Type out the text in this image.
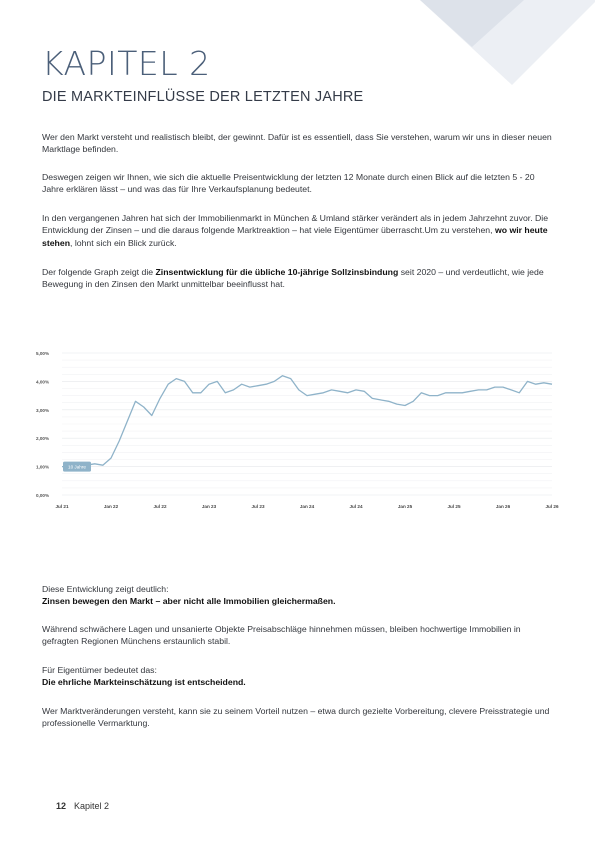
KAPITEL 2
DIE MARKTEINFLÜSSE DER LETZTEN JAHRE

Wer den Markt versteht und realistisch bleibt, der gewinnt. Dafür ist es essentiell, dass Sie verstehen, warum wir uns in dieser neuen Marktlage befinden.

Deswegen zeigen wir Ihnen, wie sich die aktuelle Preisentwicklung der letzten 12 Monate durch einen Blick auf die letzten 5 - 20 Jahre erklären lässt – und was das für Ihre Verkaufsplanung bedeutet.

In den vergangenen Jahren hat sich der Immobilienmarkt in München & Umland stärker verändert als in jedem Jahrzehnt zuvor. Die Entwicklung der Zinsen – und die daraus folgende Marktreaktion – hat viele Eigentümer überrascht.Um zu verstehen, wo wir heute stehen, lohnt sich ein Blick zurück.

Der folgende Graph zeigt die Zinsentwicklung für die übliche 10-jährige Sollzinsbindung seit 2020 – und verdeutlicht, wie jede Bewegung in den Zinsen den Markt unmittelbar beeinflusst hat.

0,00%
1,00%
2,00%
3,00%
4,00%
5,00%
Jul 21	Jan 22	Jul 22	Jan 23	Jul 23	Jan 24	Jul 24	Jan 25	Jul 25	Jan 26	Jul 26
10 Jahre

Diese Entwicklung zeigt deutlich:
Zinsen bewegen den Markt – aber nicht alle Immobilien gleichermaßen.

Während schwächere Lagen und unsanierte Objekte Preisabschläge hinnehmen müssen, bleiben hochwertige Immobilien in gefragten Regionen Münchens erstaunlich stabil.

Für Eigentümer bedeutet das:
Die ehrliche Markteinschätzung ist entscheidend.

Wer Marktveränderungen versteht, kann sie zu seinem Vorteil nutzen – etwa durch gezielte Vorbereitung, clevere Preisstrategie und professionelle Vermarktung.

12 Kapitel 2
